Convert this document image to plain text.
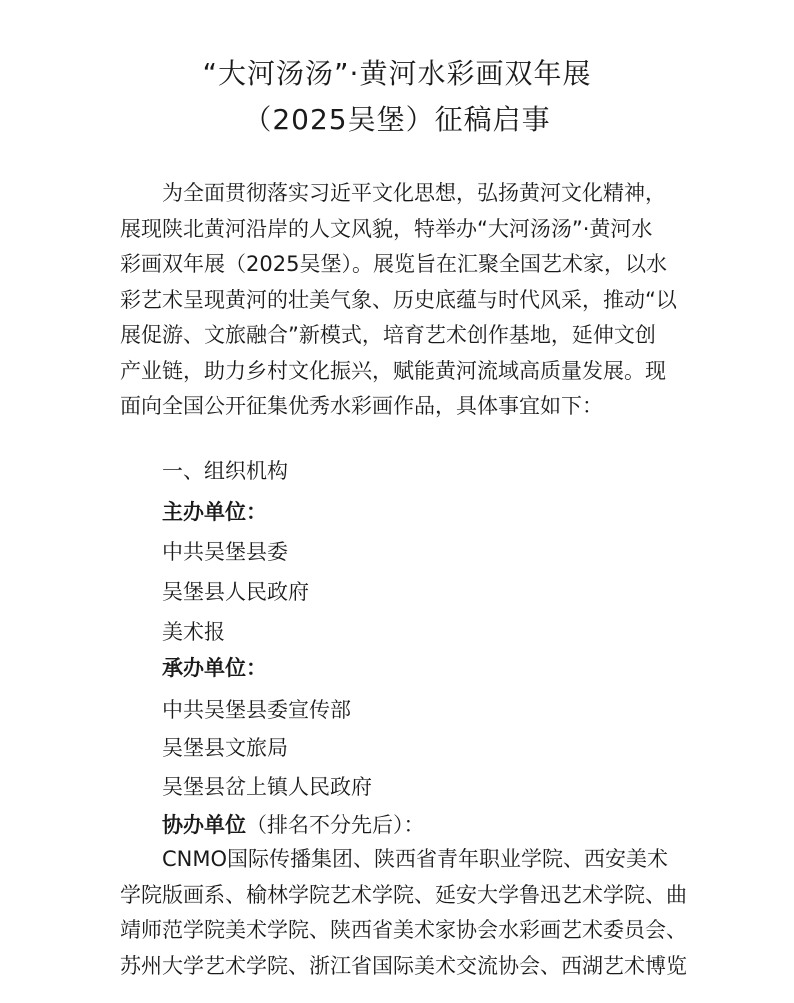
“大河汤汤”·黄河水彩画双年展
（2025吴堡）征稿启事
为全面贯彻落实习近平文化思想，弘扬黄河文化精神，
展现陕北黄河沿岸的人文风貌，特举办“大河汤汤”·黄河水
彩画双年展（2025吴堡）。展览旨在汇聚全国艺术家，以水
彩艺术呈现黄河的壮美气象、历史底蕴与时代风采，推动“以
展促游、文旅融合”新模式，培育艺术创作基地，延伸文创
产业链，助力乡村文化振兴，赋能黄河流域高质量发展。现
面向全国公开征集优秀水彩画作品，具体事宜如下：
一、组织机构
主办单位：
中共吴堡县委
吴堡县人民政府
美术报
承办单位：
中共吴堡县委宣传部
吴堡县文旅局
吴堡县岔上镇人民政府
协办单位（排名不分先后）：
CNMO国际传播集团、陕西省青年职业学院、西安美术
学院版画系、榆林学院艺术学院、延安大学鲁迅艺术学院、曲
靖师范学院美术学院、陕西省美术家协会水彩画艺术委员会、
苏州大学艺术学院、浙江省国际美术交流协会、西湖艺术博览
